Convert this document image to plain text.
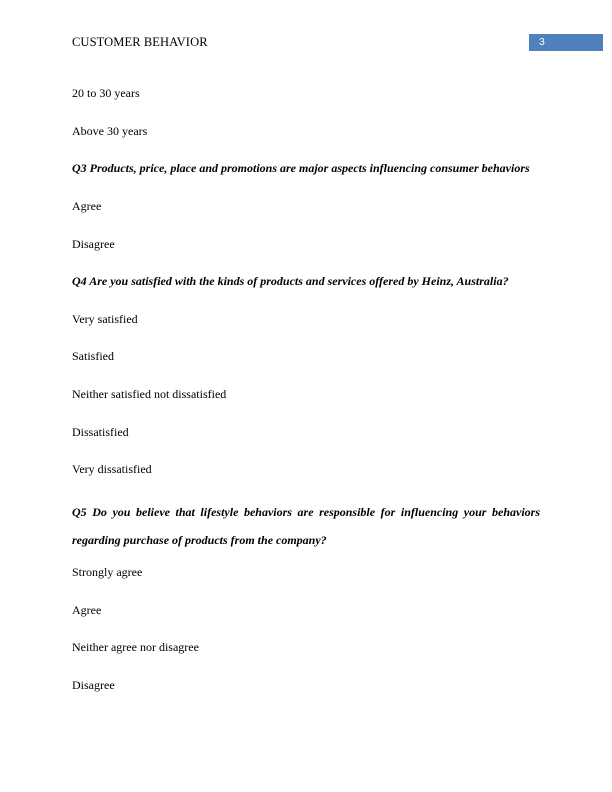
CUSTOMER BEHAVIOR	3
20 to 30 years
Above 30 years
Q3 Products, price, place and promotions are major aspects influencing consumer behaviors
Agree
Disagree
Q4 Are you satisfied with the kinds of products and services offered by Heinz, Australia?
Very satisfied
Satisfied
Neither satisfied not dissatisfied
Dissatisfied
Very dissatisfied
Q5 Do you believe that lifestyle behaviors are responsible for influencing your behaviors regarding purchase of products from the company?
Strongly agree
Agree
Neither agree nor disagree
Disagree
